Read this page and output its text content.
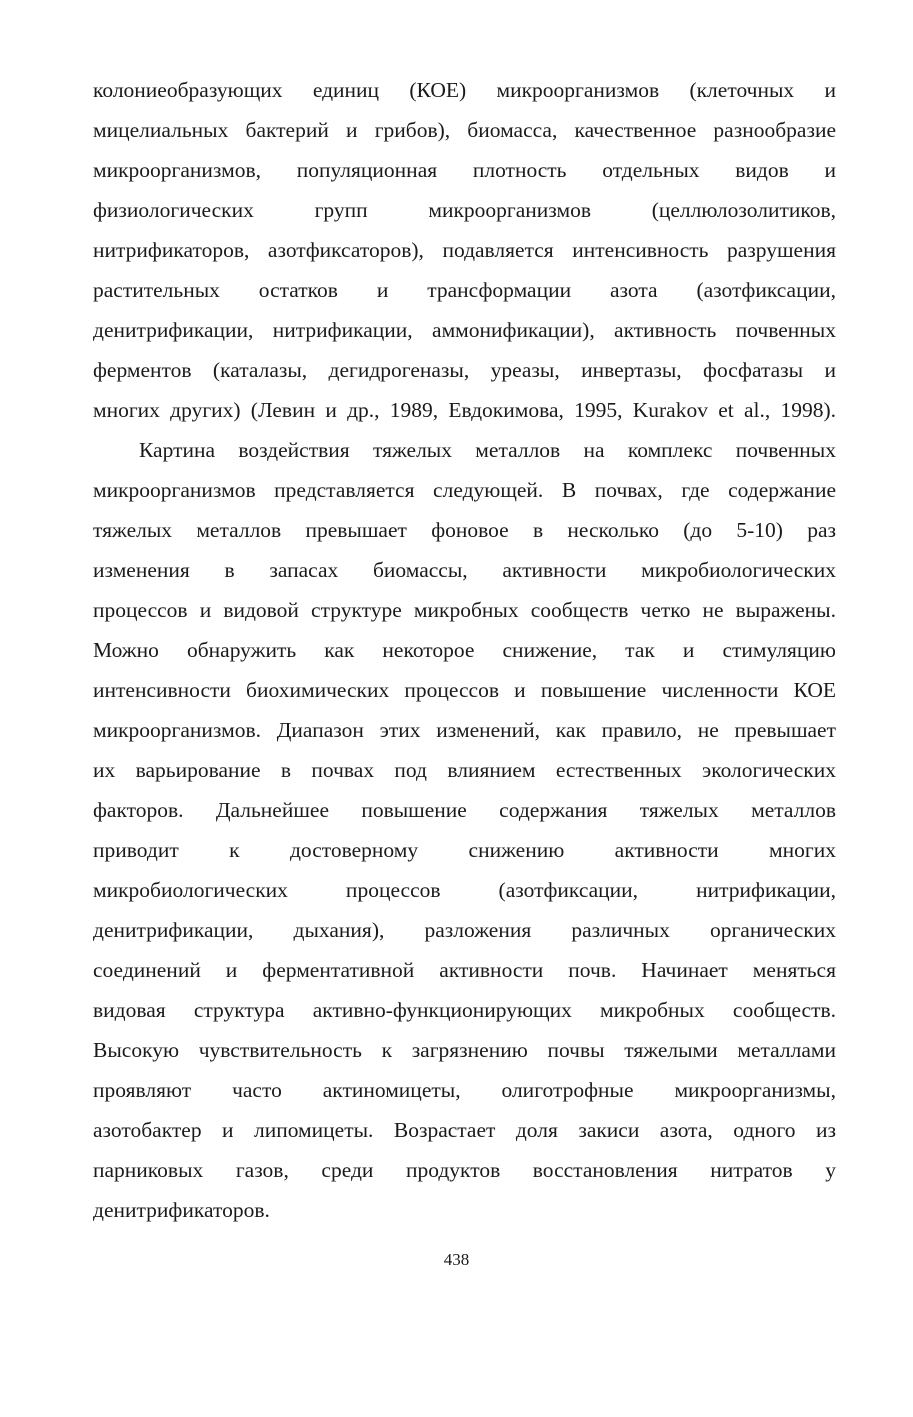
колониеобразующих единиц (КОЕ) микроорганизмов (клеточных и
мицелиальных бактерий и грибов), биомасса, качественное разнообразие
микроорганизмов, популяционная плотность отдельных видов и
физиологических групп микроорганизмов (целлюлозолитиков,
нитрификаторов, азотфиксаторов), подавляется интенсивность разрушения
растительных остатков и трансформации азота (азотфиксации,
денитрификации, нитрификации, аммонификации), активность почвенных
ферментов (каталазы, дегидрогеназы, уреазы, инвертазы, фосфатазы и
многих других) (Левин и др., 1989, Евдокимова, 1995, Kurakov et al., 1998).
Картина воздействия тяжелых металлов на комплекс почвенных
микроорганизмов представляется следующей. В почвах, где содержание
тяжелых металлов превышает фоновое в несколько (до 5-10) раз
изменения в запасах биомассы, активности микробиологических
процессов и видовой структуре микробных сообществ четко не выражены.
Можно обнаружить как некоторое снижение, так и стимуляцию
интенсивности биохимических процессов и повышение численности КОЕ
микроорганизмов. Диапазон этих изменений, как правило, не превышает
их варьирование в почвах под влиянием естественных экологических
факторов. Дальнейшее повышение содержания тяжелых металлов
приводит к достоверному снижению активности многих
микробиологических процессов (азотфиксации, нитрификации,
денитрификации, дыхания), разложения различных органических
соединений и ферментативной активности почв. Начинает меняться
видовая структура активно-функционирующих микробных сообществ.
Высокую чувствительность к загрязнению почвы тяжелыми металлами
проявляют часто актиномицеты, олиготрофные микроорганизмы,
азотобактер и липомицеты. Возрастает доля закиси азота, одного из
парниковых газов, среди продуктов восстановления нитратов у
денитрификаторов.
438
